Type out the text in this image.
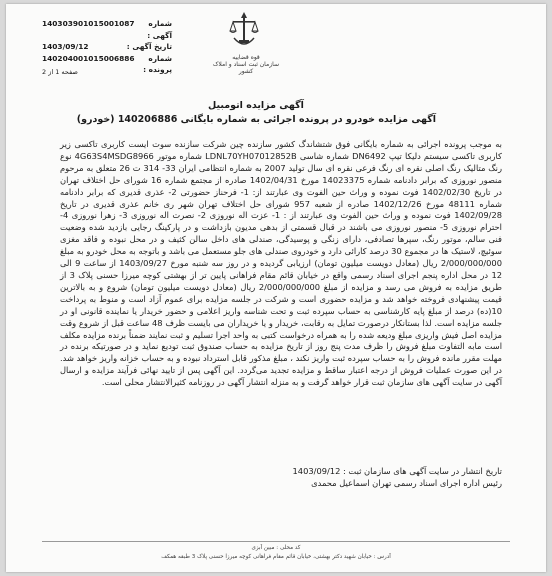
شماره آگهی :
140303901015001087
تاریخ آگهی :
1403/09/12
شماره پرونده :
140204001015006886
صفحه 1 از 2
قوه قضاییه
سازمان ثبت اسناد و املاک کشور
آگهی مزایده اتومبیل
آگهی مزایده خودرو در پرونده اجرائی به شماره بایگانی 140206886 (خودرو)

به موجب پرونده اجرائی به شماره بایگانی فوق شتشاندگ کشور سازنده چین شرکت سازنده سوت ایست کاربری تاکسی زیر کاربری تاکسی سیستم دلیکا تیپ DN6492 شماره شاسی LDNL70YH07012852B شماره موتور 4G63S4MSDG8966 نوع رنگ متالیک رنگ اصلی نقره ای رنگ فرعی نقره ای سال تولید 2007 به شماره انتظامی ایران 33- 314 ت 26 متعلق به مرحوم منصور نوروزی که برابر دادنامه شماره 14023375 مورخ 1402/04/31 صادره از مجتمع شماره 16 شورای حل اختلاف تهران در تاریخ 1402/02/30 فوت نموده و وراث حین الفوت وی عبارتند از: 1- فرحناز حضورتی 2- عذری قدیری که برابر دادنامه شماره 48111 مورخ 1402/12/26 صادره از شعبه 957 شورای حل اختلاف تهران شهر ری خانم عذری قدیری در تاریخ 1402/09/28 فوت نموده و وراث حین الفوت وی عبارتند از : 1- عزت اله نوروزی 2- نصرت اله نوروزی 3- زهرا نوروزی 4- احترام نوروزی 5- منصور نوروزی می باشند در قبال قسمتی از بدهی مدیون بازداشت و در پارکینگ رجایی بازدید شده وضعیت فنی سالم، موتور رنگ، سپرها تصادفی، دارای زنگی و پوسیدگی، صندلی های داخل سالن کثیف و در محل نبوده و فاقد مغزی سوئیچ، لاستیک ها در مجموع 30 درصد کارائی دارد و خودروی صندلی های جلو مستعمل می باشد و باتوجه به محل خودرو به مبلغ 2/000/000/000 ریال (معادل دویست میلیون تومان) ارزیابی گردیده و در روز سه شنبه مورخ 1403/09/27 از ساعت 9 الی 12 در محل اداره پنجم اجرای اسناد رسمی واقع در خیابان قائم مقام فراهانی پایین تر از بهشتی کوچه میرزا حسنی پلاک 3 از طریق مزایده به فروش می رسد و مزایده از مبلغ 2/000/000/000 ریال (معادل دویست میلیون تومان) شروع و به بالاترین قیمت پیشنهادی فروخته خواهد شد و مزایده حضوری است و شرکت در جلسه مزایده برای عموم آزاد است و منوط به پرداخت 10(ده) درصد از مبلغ پایه کارشناسی به حساب سپرده ثبت و تحت شناسه واریز اعلامی و حضور خریدار یا نماینده قانونی او در جلسه مزایده است. لذا بستانکار درصورت تمایل به رقابت، خریدار و یا خریداران می بایست ظرف 48 ساعت قبل از شروع وقت مزایده اصل فیش واریزی مبلغ ودیعه شده را به همراه درخواست کتبی به واحد اجرا تسلیم و ثبت نمایند ضمناً برنده مزایده مکلف است مابه التفاوت مبلغ فروش را ظرف مدت پنج روز از تاریخ مزایده به حساب صندوق ثبت تودیع نماید و در صورتیکه برنده در مهلت مقرر مانده فروش را به حساب سپرده ثبت واریز نکند ، مبلغ مذکور قابل استرداد نبوده و به حساب خزانه واریز خواهد شد. در این صورت عملیات فروش از درجه اعتبار ساقط و مزایده تجدید می‌گردد. این آگهی پس از تایید نهائی فرآیند مزایده و ارسال آگهی در سایت آگهی های سازمان ثبت قرار خواهد گرفت و به منزله انتشار آگهی در روزنامه کثیرالانتشار محلی است.

تاریخ انتشار در سایت آگهی های سازمان ثبت : 1403/09/12
رئیس اداره اجرای اسناد رسمی تهران اسماعیل محمدی
کد محلی : مبین آبزی
آدرس : خیابان شهید دکتر بهشتی، خیابان قائم مقام فراهانی کوچه میرزا حسنی پلاک 3 طبقه همکف
